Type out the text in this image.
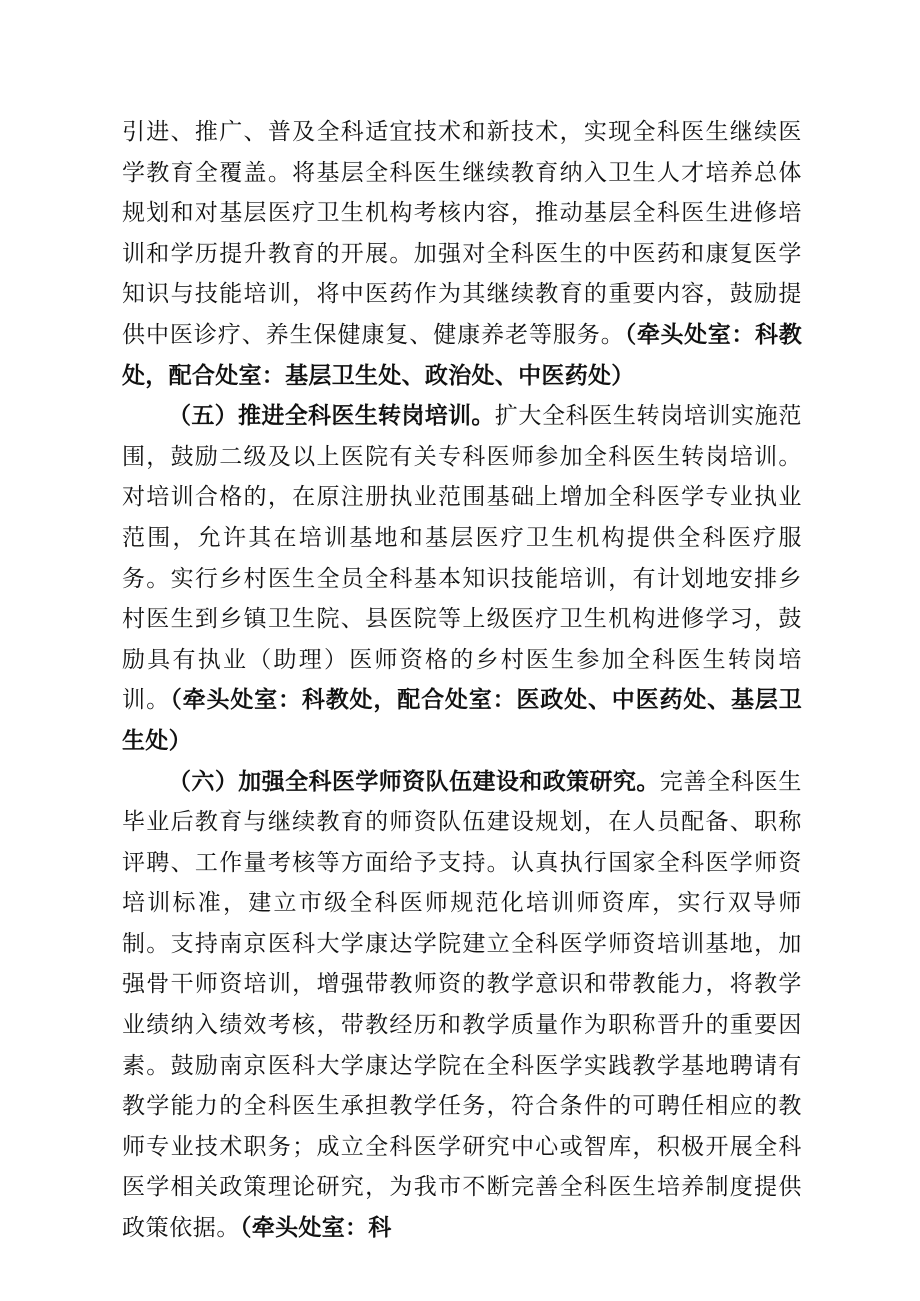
引进、推广、普及全科适宜技术和新技术，实现全科医生继续医学教育全覆盖。将基层全科医生继续教育纳入卫生人才培养总体规划和对基层医疗卫生机构考核内容，推动基层全科医生进修培训和学历提升教育的开展。加强对全科医生的中医药和康复医学知识与技能培训，将中医药作为其继续教育的重要内容，鼓励提供中医诊疗、养生保健康复、健康养老等服务。（牵头处室：科教处，配合处室：基层卫生处、政治处、中医药处）

（五）推进全科医生转岗培训。扩大全科医生转岗培训实施范围，鼓励二级及以上医院有关专科医师参加全科医生转岗培训。对培训合格的，在原注册执业范围基础上增加全科医学专业执业范围，允许其在培训基地和基层医疗卫生机构提供全科医疗服务。实行乡村医生全员全科基本知识技能培训，有计划地安排乡村医生到乡镇卫生院、县医院等上级医疗卫生机构进修学习，鼓励具有执业（助理）医师资格的乡村医生参加全科医生转岗培训。（牵头处室：科教处，配合处室：医政处、中医药处、基层卫生处）

（六）加强全科医学师资队伍建设和政策研究。完善全科医生毕业后教育与继续教育的师资队伍建设规划，在人员配备、职称评聘、工作量考核等方面给予支持。认真执行国家全科医学师资培训标准，建立市级全科医师规范化培训师资库，实行双导师制。支持南京医科大学康达学院建立全科医学师资培训基地，加强骨干师资培训，增强带教师资的教学意识和带教能力，将教学业绩纳入绩效考核，带教经历和教学质量作为职称晋升的重要因素。鼓励南京医科大学康达学院在全科医学实践教学基地聘请有教学能力的全科医生承担教学任务，符合条件的可聘任相应的教师专业技术职务；成立全科医学研究中心或智库，积极开展全科医学相关政策理论研究，为我市不断完善全科医生培养制度提供政策依据。（牵头处室：科
